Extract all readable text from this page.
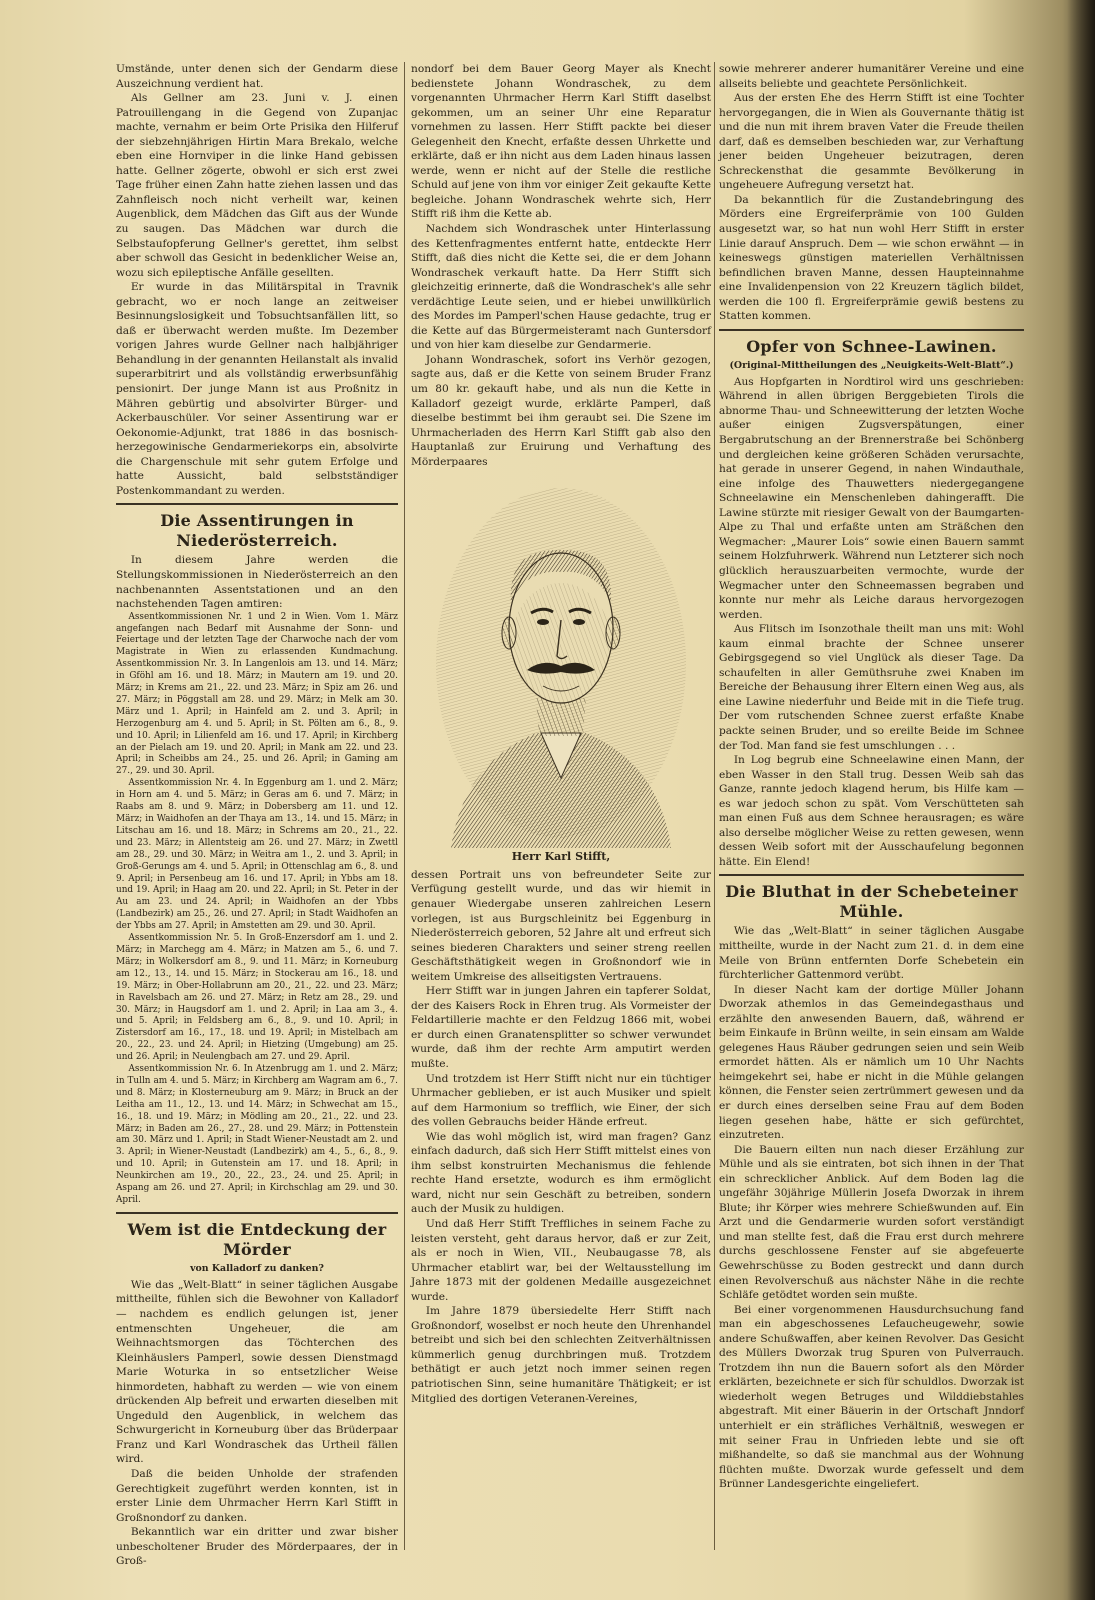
Umstände, unter denen sich der Gendarm diese Auszeichnung verdient hat.

Als Gellner am 23. Juni v. J. einen Patrouillengang in die Gegend von Zupanjac machte, vernahm er beim Orte Prisika den Hilferuf der siebzehnjährigen Hirtin Mara Brekalo, welche eben eine Hornviper in die linke Hand gebissen hatte. Gellner zögerte, obwohl er sich erst zwei Tage früher einen Zahn hatte ziehen lassen und das Zahnfleisch noch nicht verheilt war, keinen Augenblick, dem Mädchen das Gift aus der Wunde zu saugen. Das Mädchen war durch die Selbstaufopferung Gellner's gerettet, ihm selbst aber schwoll das Gesicht in bedenklicher Weise an, wozu sich epileptische Anfälle gesellten.

Er wurde in das Militärspital in Travnik gebracht, wo er noch lange an zeitweiser Besinnungslosigkeit und Tobsuchtsanfällen litt, so daß er überwacht werden mußte. Im Dezember vorigen Jahres wurde Gellner nach halbjähriger Behandlung in der genannten Heilanstalt als invalid superarbitrirt und als vollständig erwerbsunfähig pensionirt. Der junge Mann ist aus Proßnitz in Mähren gebürtig und absolvirter Bürger- und Ackerbauschüler. Vor seiner Assentirung war er Oekonomie-Adjunkt, trat 1886 in das bosnisch-herzegowinische Gendarmeriekorps ein, absolvirte die Chargenschule mit sehr gutem Erfolge und hatte Aussicht, bald selbstständiger Postenkommandant zu werden.

Die Assentirungen in Niederösterreich.

In diesem Jahre werden die Stellungskommissionen in Niederösterreich an den nachbenannten Assentstationen und an den nachstehenden Tagen amtiren:

Assentkommissionen Nr. 1 und 2 in Wien. Vom 1. März angefangen nach Bedarf mit Ausnahme der Sonn- und Feiertage und der letzten Tage der Charwoche nach der vom Magistrate in Wien zu erlassenden Kundmachung. Assentkommission Nr. 3. In Langenlois am 13. und 14. März; in Gföhl am 16. und 18. März; in Mautern am 19. und 20. März; in Krems am 21., 22. und 23. März; in Spiz am 26. und 27. März; in Pöggstall am 28. und 29. März; in Melk am 30. März und 1. April; in Hainfeld am 2. und 3. April; in Herzogenburg am 4. und 5. April; in St. Pölten am 6., 8., 9. und 10. April; in Lilienfeld am 16. und 17. April; in Kirchberg an der Pielach am 19. und 20. April; in Mank am 22. und 23. April; in Scheibbs am 24., 25. und 26. April; in Gaming am 27., 29. und 30. April.

Assentkommission Nr. 4. In Eggenburg am 1. und 2. März; in Horn am 4. und 5. März; in Geras am 6. und 7. März; in Raabs am 8. und 9. März; in Dobersberg am 11. und 12. März; in Waidhofen an der Thaya am 13., 14. und 15. März; in Litschau am 16. und 18. März; in Schrems am 20., 21., 22. und 23. März; in Allentsteig am 26. und 27. März; in Zwettl am 28., 29. und 30. März; in Weitra am 1., 2. und 3. April; in Groß-Gerungs am 4. und 5. April; in Ottenschlag am 6., 8. und 9. April; in Persenbeug am 16. und 17. April; in Ybbs am 18. und 19. April; in Haag am 20. und 22. April; in St. Peter in der Au am 23. und 24. April; in Waidhofen an der Ybbs (Landbezirk) am 25., 26. und 27. April; in Stadt Waidhofen an der Ybbs am 27. April; in Amstetten am 29. und 30. April.

Assentkommission Nr. 5. In Groß-Enzersdorf am 1. und 2. März; in Marchegg am 4. März; in Matzen am 5., 6. und 7. März; in Wolkersdorf am 8., 9. und 11. März; in Korneuburg am 12., 13., 14. und 15. März; in Stockerau am 16., 18. und 19. März; in Ober-Hollabrunn am 20., 21., 22. und 23. März; in Ravelsbach am 26. und 27. März; in Retz am 28., 29. und 30. März; in Haugsdorf am 1. und 2. April; in Laa am 3., 4. und 5. April; in Feldsberg am 6., 8., 9. und 10. April; in Zistersdorf am 16., 17., 18. und 19. April; in Mistelbach am 20., 22., 23. und 24. April; in Hietzing (Umgebung) am 25. und 26. April; in Neulengbach am 27. und 29. April.

Assentkommission Nr. 6. In Atzenbrugg am 1. und 2. März; in Tulln am 4. und 5. März; in Kirchberg am Wagram am 6., 7. und 8. März; in Klosterneuburg am 9. März; in Bruck an der Leitha am 11., 12., 13. und 14. März; in Schwechat am 15., 16., 18. und 19. März; in Mödling am 20., 21., 22. und 23. März; in Baden am 26., 27., 28. und 29. März; in Pottenstein am 30. März und 1. April; in Stadt Wiener-Neustadt am 2. und 3. April; in Wiener-Neustadt (Landbezirk) am 4., 5., 6., 8., 9. und 10. April; in Gutenstein am 17. und 18. April; in Neunkirchen am 19., 20., 22., 23., 24. und 25. April; in Aspang am 26. und 27. April; in Kirchschlag am 29. und 30. April.

Wem ist die Entdeckung der Mörder
von Kalladorf zu danken?

Wie das „Welt-Blatt“ in seiner täglichen Ausgabe mittheilte, fühlen sich die Bewohner von Kalladorf — nachdem es endlich gelungen ist, jener entmenschten Ungeheuer, die am Weihnachtsmorgen das Töchterchen des Kleinhäuslers Pamperl, sowie dessen Dienstmagd Marie Woturka in so entsetzlicher Weise hinmordeten, habhaft zu werden — wie von einem drückenden Alp befreit und erwarten dieselben mit Ungeduld den Augenblick, in welchem das Schwurgericht in Korneuburg über das Brüderpaar Franz und Karl Wondraschek das Urtheil fällen wird.

Daß die beiden Unholde der strafenden Gerechtigkeit zugeführt werden konnten, ist in erster Linie dem Uhrmacher Herrn Karl Stifft in Großnondorf zu danken.

Bekanntlich war ein dritter und zwar bisher unbescholtener Bruder des Mörderpaares, der in Groß-

nondorf bei dem Bauer Georg Mayer als Knecht bedienstete Johann Wondraschek, zu dem vorgenannten Uhrmacher Herrn Karl Stifft daselbst gekommen, um an seiner Uhr eine Reparatur vornehmen zu lassen. Herr Stifft packte bei dieser Gelegenheit den Knecht, erfaßte dessen Uhrkette und erklärte, daß er ihn nicht aus dem Laden hinaus lassen werde, wenn er nicht auf der Stelle die restliche Schuld auf jene von ihm vor einiger Zeit gekaufte Kette begleiche. Johann Wondraschek wehrte sich, Herr Stifft riß ihm die Kette ab.

Nachdem sich Wondraschek unter Hinterlassung des Kettenfragmentes entfernt hatte, entdeckte Herr Stifft, daß dies nicht die Kette sei, die er dem Johann Wondraschek verkauft hatte. Da Herr Stifft sich gleichzeitig erinnerte, daß die Wondraschek's alle sehr verdächtige Leute seien, und er hiebei unwillkürlich des Mordes im Pamperl'schen Hause gedachte, trug er die Kette auf das Bürgermeisteramt nach Guntersdorf und von hier kam dieselbe zur Gendarmerie.

Johann Wondraschek, sofort ins Verhör gezogen, sagte aus, daß er die Kette von seinem Bruder Franz um 80 kr. gekauft habe, und als nun die Kette in Kalladorf gezeigt wurde, erklärte Pamperl, daß dieselbe bestimmt bei ihm geraubt sei. Die Szene im Uhrmacherladen des Herrn Karl Stifft gab also den Hauptanlaß zur Eruirung und Verhaftung des Mörderpaares

Herr Karl Stifft,

dessen Portrait uns von befreundeter Seite zur Verfügung gestellt wurde, und das wir hiemit in genauer Wiedergabe unseren zahlreichen Lesern vorlegen, ist aus Burgschleinitz bei Eggenburg in Niederösterreich geboren, 52 Jahre alt und erfreut sich seines biederen Charakters und seiner streng reellen Geschäftsthätigkeit wegen in Großnondorf wie in weitem Umkreise des allseitigsten Vertrauens.

Herr Stifft war in jungen Jahren ein tapferer Soldat, der des Kaisers Rock in Ehren trug. Als Vormeister der Feldartillerie machte er den Feldzug 1866 mit, wobei er durch einen Granatensplitter so schwer verwundet wurde, daß ihm der rechte Arm amputirt werden mußte.

Und trotzdem ist Herr Stifft nicht nur ein tüchtiger Uhrmacher geblieben, er ist auch Musiker und spielt auf dem Harmonium so trefflich, wie Einer, der sich des vollen Gebrauchs beider Hände erfreut.

Wie das wohl möglich ist, wird man fragen? Ganz einfach dadurch, daß sich Herr Stifft mittelst eines von ihm selbst konstruirten Mechanismus die fehlende rechte Hand ersetzte, wodurch es ihm ermöglicht ward, nicht nur sein Geschäft zu betreiben, sondern auch der Musik zu huldigen.

Und daß Herr Stifft Treffliches in seinem Fache zu leisten versteht, geht daraus hervor, daß er zur Zeit, als er noch in Wien, VII., Neubaugasse 78, als Uhrmacher etablirt war, bei der Weltausstellung im Jahre 1873 mit der goldenen Medaille ausgezeichnet wurde.

Im Jahre 1879 übersiedelte Herr Stifft nach Großnondorf, woselbst er noch heute den Uhrenhandel betreibt und sich bei den schlechten Zeitverhältnissen kümmerlich genug durchbringen muß. Trotzdem bethätigt er auch jetzt noch immer seinen regen patriotischen Sinn, seine humanitäre Thätigkeit; er ist Mitglied des dortigen Veteranen-Vereines,

sowie mehrerer anderer humanitärer Vereine und eine allseits beliebte und geachtete Persönlichkeit.

Aus der ersten Ehe des Herrn Stifft ist eine Tochter hervorgegangen, die in Wien als Gouvernante thätig ist und die nun mit ihrem braven Vater die Freude theilen darf, daß es demselben beschieden war, zur Verhaftung jener beiden Ungeheuer beizutragen, deren Schreckensthat die gesammte Bevölkerung in ungeheuere Aufregung versetzt hat.

Da bekanntlich für die Zustandebringung des Mörders eine Ergreiferprämie von 100 Gulden ausgesetzt war, so hat nun wohl Herr Stifft in erster Linie darauf Anspruch. Dem — wie schon erwähnt — in keineswegs günstigen materiellen Verhältnissen befindlichen braven Manne, dessen Haupteinnahme eine Invalidenpension von 22 Kreuzern täglich bildet, werden die 100 fl. Ergreiferprämie gewiß bestens zu Statten kommen.

Opfer von Schnee-Lawinen.
(Original-Mittheilungen des „Neuigkeits-Welt-Blatt“.)

Aus Hopfgarten in Nordtirol wird uns geschrieben: Während in allen übrigen Berggebieten Tirols die abnorme Thau- und Schneewitterung der letzten Woche außer einigen Zugsverspätungen, einer Bergabrutschung an der Brennerstraße bei Schönberg und dergleichen keine größeren Schäden verursachte, hat gerade in unserer Gegend, in nahen Windauthale, eine infolge des Thauwetters niedergegangene Schneelawine ein Menschenleben dahingerafft. Die Lawine stürzte mit riesiger Gewalt von der Baumgarten-Alpe zu Thal und erfaßte unten am Sträßchen den Wegmacher: „Maurer Lois“ sowie einen Bauern sammt seinem Holzfuhrwerk. Während nun Letzterer sich noch glücklich herauszuarbeiten vermochte, wurde der Wegmacher unter den Schneemassen begraben und konnte nur mehr als Leiche daraus hervorgezogen werden.

Aus Flitsch im Isonzothale theilt man uns mit: Wohl kaum einmal brachte der Schnee unserer Gebirgsgegend so viel Unglück als dieser Tage. Da schaufelten in aller Gemüthsruhe zwei Knaben im Bereiche der Behausung ihrer Eltern einen Weg aus, als eine Lawine niederfuhr und Beide mit in die Tiefe trug. Der vom rutschenden Schnee zuerst erfaßte Knabe packte seinen Bruder, und so ereilte Beide im Schnee der Tod. Man fand sie fest umschlungen . . .

In Log begrub eine Schneelawine einen Mann, der eben Wasser in den Stall trug. Dessen Weib sah das Ganze, rannte jedoch klagend herum, bis Hilfe kam — es war jedoch schon zu spät. Vom Verschütteten sah man einen Fuß aus dem Schnee herausragen; es wäre also derselbe möglicher Weise zu retten gewesen, wenn dessen Weib sofort mit der Ausschaufelung begonnen hätte. Ein Elend!

Die Bluthat in der Schebeteiner Mühle.

Wie das „Welt-Blatt“ in seiner täglichen Ausgabe mittheilte, wurde in der Nacht zum 21. d. in dem eine Meile von Brünn entfernten Dorfe Schebetein ein fürchterlicher Gattenmord verübt.

In dieser Nacht kam der dortige Müller Johann Dworzak athemlos in das Gemeindegasthaus und erzählte den anwesenden Bauern, daß, während er beim Einkaufe in Brünn weilte, in sein einsam am Walde gelegenes Haus Räuber gedrungen seien und sein Weib ermordet hätten. Als er nämlich um 10 Uhr Nachts heimgekehrt sei, habe er nicht in die Mühle gelangen können, die Fenster seien zertrümmert gewesen und da er durch eines derselben seine Frau auf dem Boden liegen gesehen habe, hätte er sich gefürchtet, einzutreten.

Die Bauern eilten nun nach dieser Erzählung zur Mühle und als sie eintraten, bot sich ihnen in der That ein schrecklicher Anblick. Auf dem Boden lag die ungefähr 30jährige Müllerin Josefa Dworzak in ihrem Blute; ihr Körper wies mehrere Schießwunden auf. Ein Arzt und die Gendarmerie wurden sofort verständigt und man stellte fest, daß die Frau erst durch mehrere durchs geschlossene Fenster auf sie abgefeuerte Gewehrschüsse zu Boden gestreckt und dann durch einen Revolverschuß aus nächster Nähe in die rechte Schläfe getödtet worden sein mußte.

Bei einer vorgenommenen Hausdurchsuchung fand man ein abgeschossenes Lefaucheugewehr, sowie andere Schußwaffen, aber keinen Revolver. Das Gesicht des Müllers Dworzak trug Spuren von Pulverrauch. Trotzdem ihn nun die Bauern sofort als den Mörder erklärten, bezeichnete er sich für schuldlos. Dworzak ist wiederholt wegen Betruges und Wilddiebstahles abgestraft. Mit einer Bäuerin in der Ortschaft Jnndorf unterhielt er ein sträfliches Verhältniß, weswegen er mit seiner Frau in Unfrieden lebte und sie oft mißhandelte, so daß sie manchmal aus der Wohnung flüchten mußte. Dworzak wurde gefesselt und dem Brünner Landesgerichte eingeliefert.
